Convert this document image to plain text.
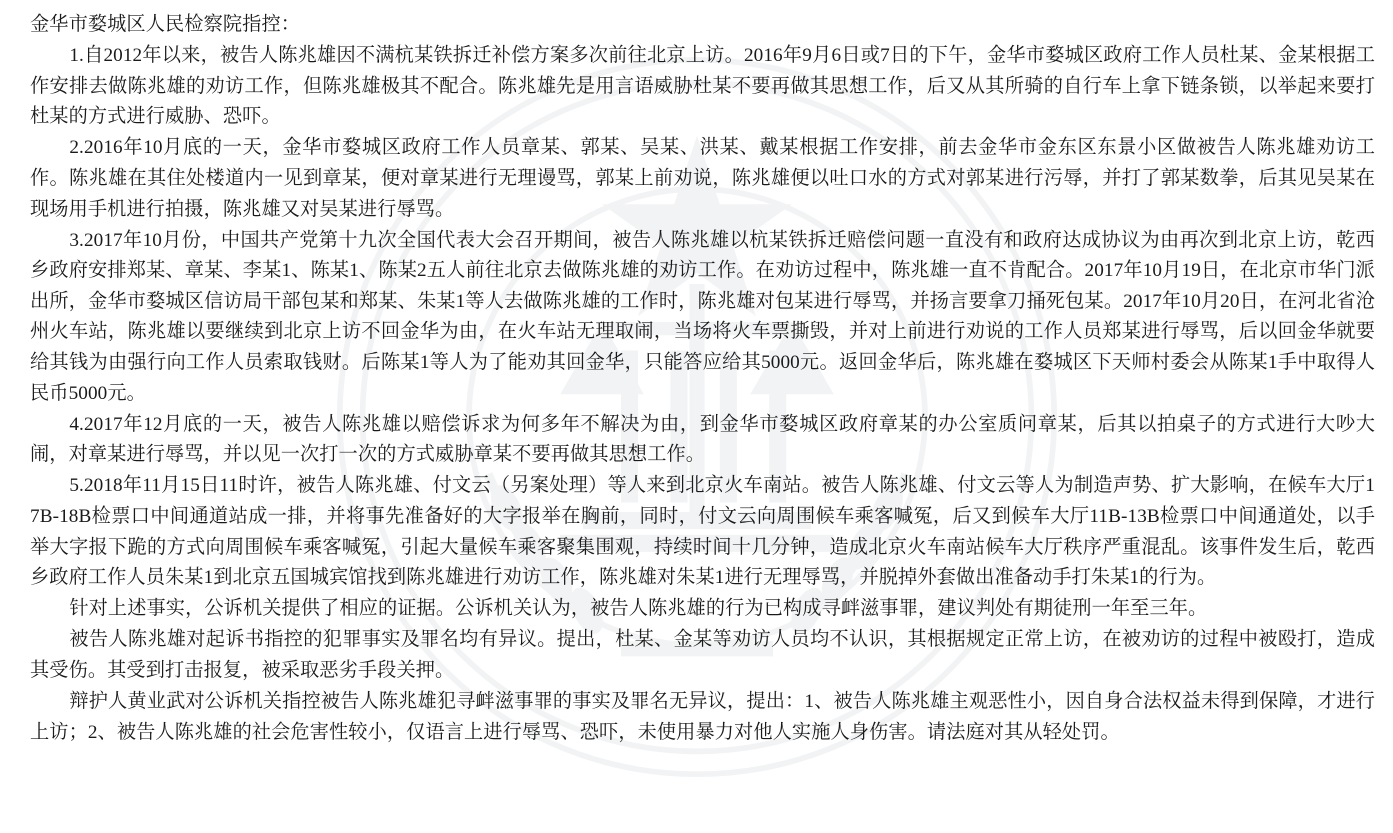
金华市婺城区人民检察院指控：

1.自2012年以来，被告人陈兆雄因不满杭某铁拆迁补偿方案多次前往北京上访。2016年9月6日或7日的下午，金华市婺城区政府工作人员杜某、金某根据工作安排去做陈兆雄的劝访工作，但陈兆雄极其不配合。陈兆雄先是用言语威胁杜某不要再做其思想工作，后又从其所骑的自行车上拿下链条锁，以举起来要打杜某的方式进行威胁、恐吓。

2.2016年10月底的一天，金华市婺城区政府工作人员章某、郭某、吴某、洪某、戴某根据工作安排，前去金华市金东区东景小区做被告人陈兆雄劝访工作。陈兆雄在其住处楼道内一见到章某，便对章某进行无理谩骂，郭某上前劝说，陈兆雄便以吐口水的方式对郭某进行污辱，并打了郭某数拳，后其见吴某在现场用手机进行拍摄，陈兆雄又对吴某进行辱骂。

3.2017年10月份，中国共产党第十九次全国代表大会召开期间，被告人陈兆雄以杭某铁拆迁赔偿问题一直没有和政府达成协议为由再次到北京上访，乾西乡政府安排郑某、章某、李某1、陈某1、陈某2五人前往北京去做陈兆雄的劝访工作。在劝访过程中，陈兆雄一直不肯配合。2017年10月19日，在北京市华门派出所，金华市婺城区信访局干部包某和郑某、朱某1等人去做陈兆雄的工作时，陈兆雄对包某进行辱骂，并扬言要拿刀捅死包某。2017年10月20日，在河北省沧州火车站，陈兆雄以要继续到北京上访不回金华为由，在火车站无理取闹，当场将火车票撕毁，并对上前进行劝说的工作人员郑某进行辱骂，后以回金华就要给其钱为由强行向工作人员索取钱财。后陈某1等人为了能劝其回金华，只能答应给其5000元。返回金华后，陈兆雄在婺城区下天师村委会从陈某1手中取得人民币5000元。

4.2017年12月底的一天，被告人陈兆雄以赔偿诉求为何多年不解决为由，到金华市婺城区政府章某的办公室质问章某，后其以拍桌子的方式进行大吵大闹，对章某进行辱骂，并以见一次打一次的方式威胁章某不要再做其思想工作。

5.2018年11月15日11时许，被告人陈兆雄、付文云（另案处理）等人来到北京火车南站。被告人陈兆雄、付文云等人为制造声势、扩大影响，在候车大厅17B-18B检票口中间通道站成一排，并将事先准备好的大字报举在胸前，同时，付文云向周围候车乘客喊冤，后又到候车大厅11B-13B检票口中间通道处，以手举大字报下跪的方式向周围候车乘客喊冤，引起大量候车乘客聚集围观，持续时间十几分钟，造成北京火车南站候车大厅秩序严重混乱。该事件发生后，乾西乡政府工作人员朱某1到北京五国城宾馆找到陈兆雄进行劝访工作，陈兆雄对朱某1进行无理辱骂，并脱掉外套做出准备动手打朱某1的行为。

针对上述事实，公诉机关提供了相应的证据。公诉机关认为，被告人陈兆雄的行为已构成寻衅滋事罪，建议判处有期徒刑一年至三年。

被告人陈兆雄对起诉书指控的犯罪事实及罪名均有异议。提出，杜某、金某等劝访人员均不认识，其根据规定正常上访，在被劝访的过程中被殴打，造成其受伤。其受到打击报复，被采取恶劣手段关押。

辩护人黄业武对公诉机关指控被告人陈兆雄犯寻衅滋事罪的事实及罪名无异议，提出：1、被告人陈兆雄主观恶性小，因自身合法权益未得到保障，才进行上访；2、被告人陈兆雄的社会危害性较小，仅语言上进行辱骂、恐吓，未使用暴力对他人实施人身伤害。请法庭对其从轻处罚。
